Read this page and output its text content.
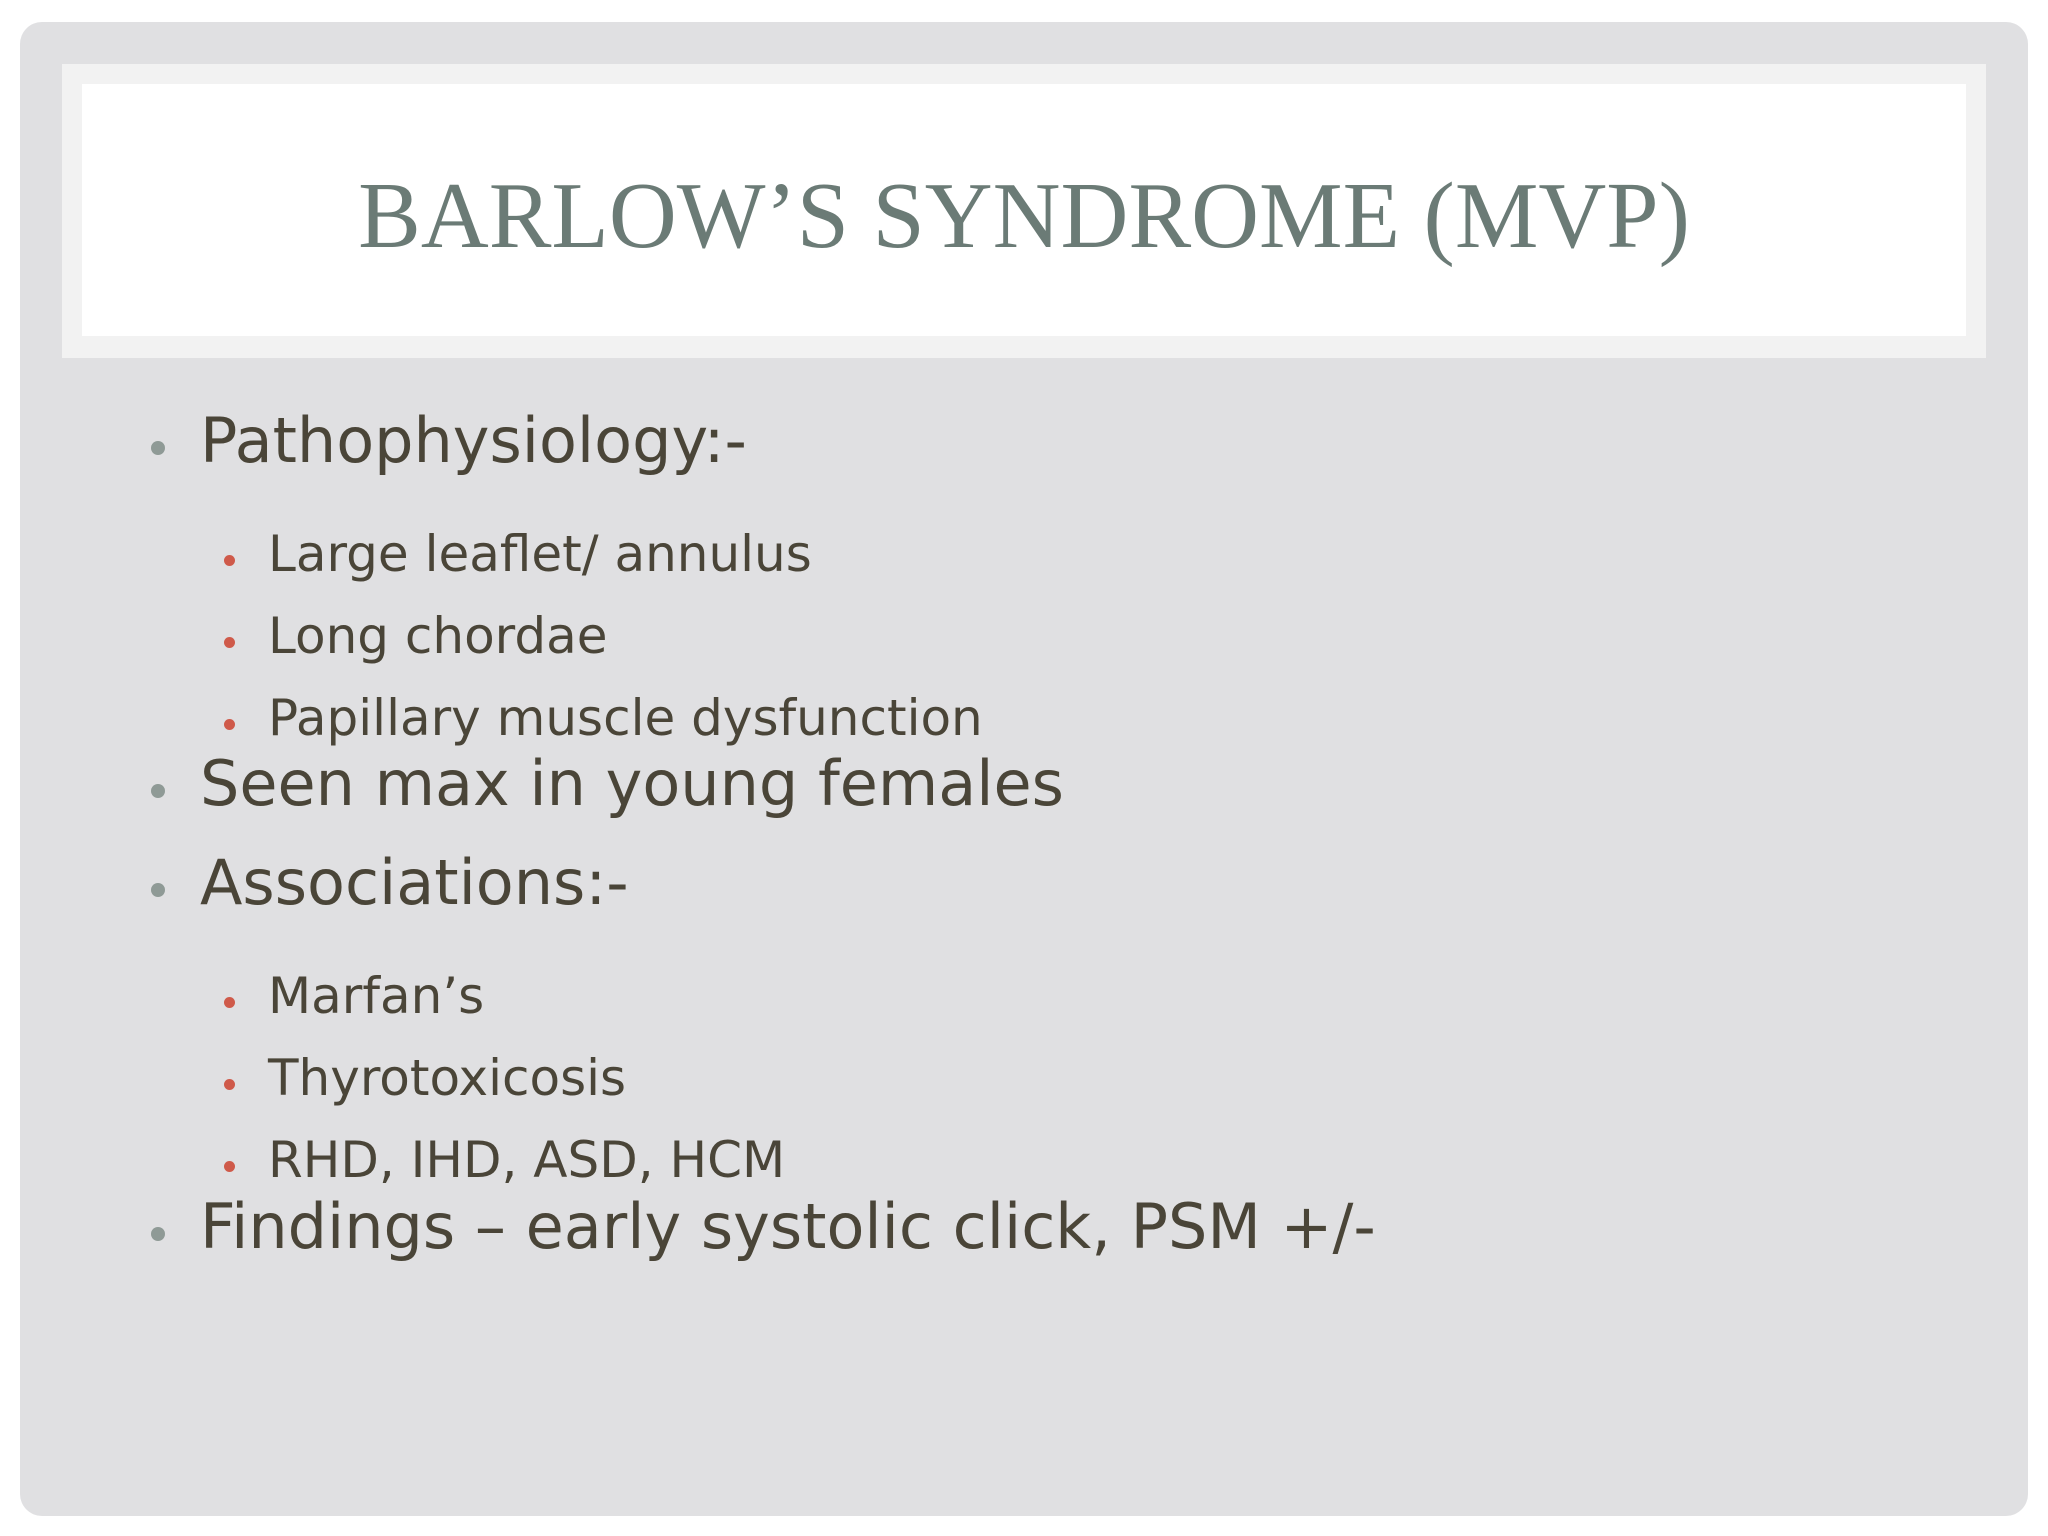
BARLOW’S SYNDROME (MVP)
Pathophysiology:-
Large leaflet/ annulus
Long chordae
Papillary muscle dysfunction
Seen max in young females
Associations:-
Marfan’s
Thyrotoxicosis
RHD, IHD, ASD, HCM
Findings – early systolic click, PSM +/-
